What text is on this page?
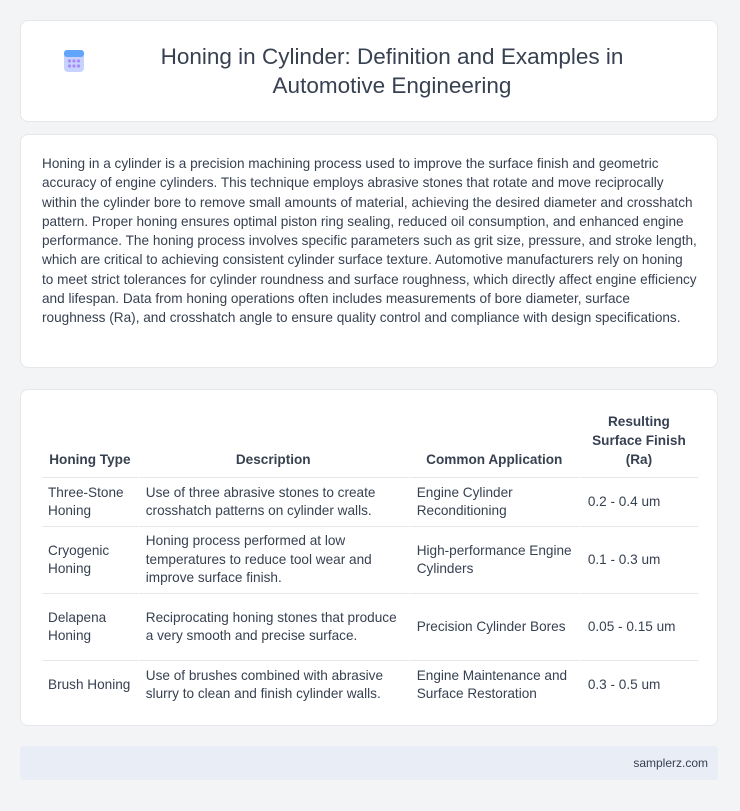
Honing in Cylinder: Definition and Examples in Automotive Engineering

Honing in a cylinder is a precision machining process used to improve the surface finish and geometric accuracy of engine cylinders. This technique employs abrasive stones that rotate and move reciprocally within the cylinder bore to remove small amounts of material, achieving the desired diameter and crosshatch pattern. Proper honing ensures optimal piston ring sealing, reduced oil consumption, and enhanced engine performance. The honing process involves specific parameters such as grit size, pressure, and stroke length, which are critical to achieving consistent cylinder surface texture. Automotive manufacturers rely on honing to meet strict tolerances for cylinder roundness and surface roughness, which directly affect engine efficiency and lifespan. Data from honing operations often includes measurements of bore diameter, surface roughness (Ra), and crosshatch angle to ensure quality control and compliance with design specifications.

Honing Type	Description	Common Application	Resulting Surface Finish (Ra)
Three-Stone Honing	Use of three abrasive stones to create crosshatch patterns on cylinder walls.	Engine Cylinder Reconditioning	0.2 - 0.4 um
Cryogenic Honing	Honing process performed at low temperatures to reduce tool wear and improve surface finish.	High-performance Engine Cylinders	0.1 - 0.3 um
Delapena Honing	Reciprocating honing stones that produce a very smooth and precise surface.	Precision Cylinder Bores	0.05 - 0.15 um
Brush Honing	Use of brushes combined with abrasive slurry to clean and finish cylinder walls.	Engine Maintenance and Surface Restoration	0.3 - 0.5 um
samplerz.com
